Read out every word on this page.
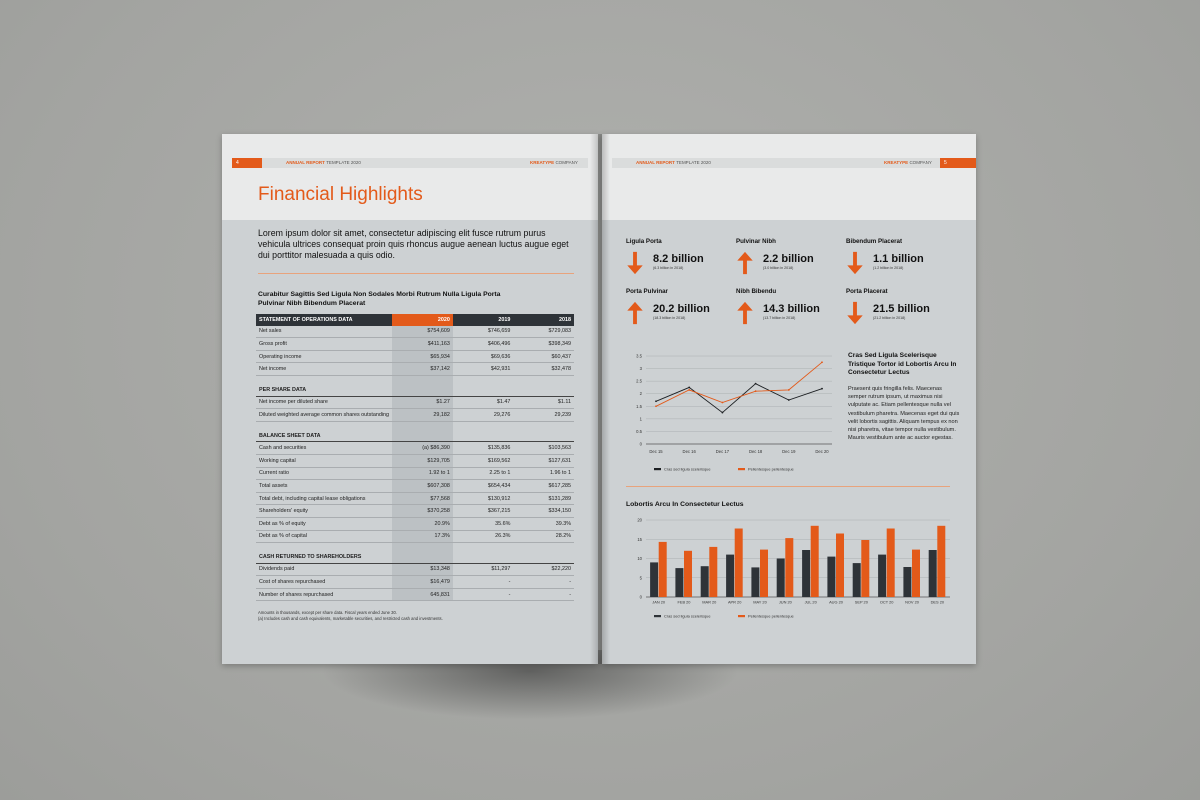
4	ANNUAL REPORT TEMPLATE 2020	KREATYPE COMPANY
Financial Highlights
Lorem ipsum dolor sit amet, consectetur adipiscing elit fusce rutrum purus vehicula ultrices consequat proin quis rhoncus augue aenean luctus augue eget dui porttitor malesuada a quis odio.
Curabitur Sagittis Sed Ligula Non Sodales Morbi Rutrum Nulla Ligula Porta Pulvinar Nibh Bibendum Placerat
STATEMENT OF OPERATIONS DATA	2020	2019	2018
Net sales	$754,609	$746,659	$729,083
Gross profit	$411,163	$406,496	$398,349
Operating income	$65,934	$69,636	$60,437
Net income	$37,142	$42,931	$32,478

PER SHARE DATA			
Net income per diluted share	$1.27	$1.47	$1.11
Diluted weighted average common shares outstanding	29,182	29,276	29,239

BALANCE SHEET DATA			
Cash and securities	(a) $86,390	$135,836	$103,563
Working capital	$129,705	$169,562	$127,631
Current ratio	1.92 to 1	2.25 to 1	1.96 to 1
Total assets	$607,308	$654,434	$617,285
Total debt, including capital lease obligations	$77,568	$130,912	$131,289
Shareholders' equity	$370,258	$367,215	$334,150
Debt as % of equity	20.9%	35.6%	39.3%
Debt as % of capital	17.3%	26.3%	28.2%

CASH RETURNED TO SHAREHOLDERS			
Dividends paid	$13,348	$11,297	$22,220
Cost of shares repurchased	$16,479	-	-
Number of shares repurchased	645,831	-	-
Amounts in thousands, except per share data. Fiscal years ended June 30.
(a) Includes cash and cash equivalents, marketable securities, and restricted cash and investments.
ANNUAL REPORT TEMPLATE 2020	KREATYPE COMPANY	5
Ligula Porta
8.2 billion
(6.3 billion in 2018)
Pulvinar Nibh
2.2 billion
(3.0 billion in 2018)
Bibendum Placerat
1.1 billion
(1.2 billion in 2018)
Porta Pulvinar
20.2 billion
(18.3 billion in 2018)
Nibh Bibendu
14.3 billion
(13.7 billion in 2018)
Porta Placerat
21.5 billion
(21.2 billion in 2018)
0
0.5
1
1.5
2
2.5
3
3.5
Dec 15	Dec 16	Dec 17	Dec 18	Dec 19	Dec 20
Cras sed ligula scelerisque	Pellentesque pellentesque
Cras Sed Ligula Scelerisque Tristique Tortor id Lobortis Arcu In Consectetur Lectus
Praesent quis fringilla felis. Maecenas semper rutrum ipsum, ut maximus nisi vulputate ac. Etiam pellentesque nulla vel vestibulum pharetra. Maecenas eget dui quis velit lobortis sagittis. Aliquam tempus ex non nisi pharetra, vitae tempor nulla vestibulum. Mauris vestibulum ante ac auctor egestas.
Lobortis Arcu In Consectetur Lectus
0
5
10
15
20
JAN 20	FEB 20	MAR 20	APR 20	MAY 20	JUN 20	JUL 20	AUG 20	SEP 20	OCT 20	NOV 20	DES 20
Cras sed ligula scelerisque	Pellentesque pellentesque
